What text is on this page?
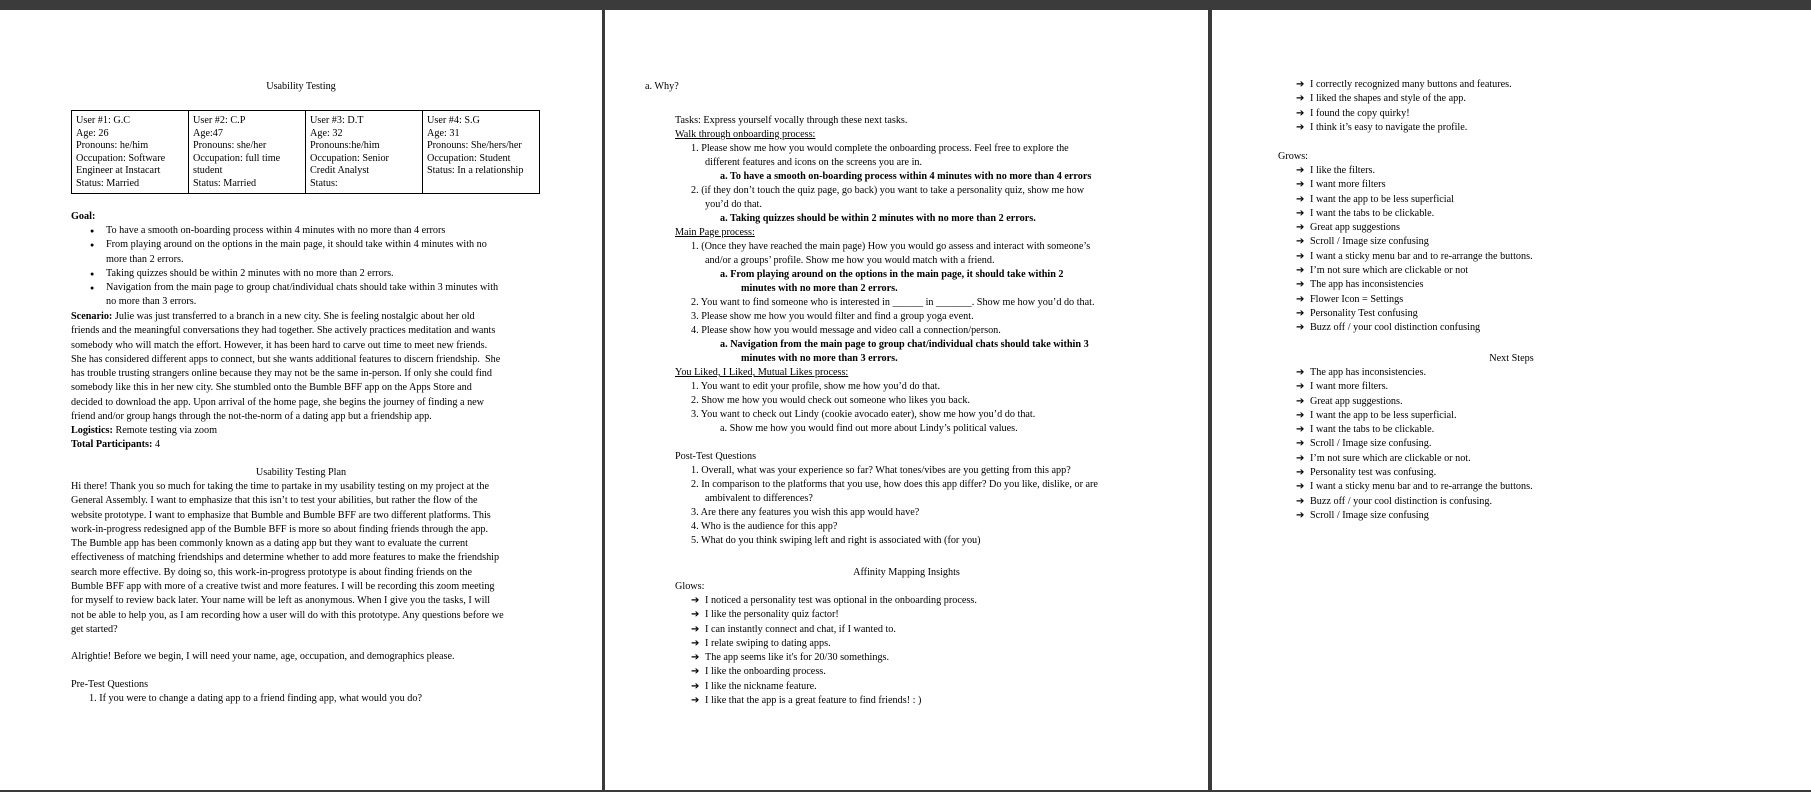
Usability Testing
User #1: G.C
Age: 26
Pronouns: he/him
Occupation: Software
Engineer at Instacart
Status: Married

User #2: C.P
Age:47
Pronouns: she/her
Occupation: full time
student
Status: Married

User #3: D.T
Age: 32
Pronouns:he/him
Occupation: Senior
Credit Analyst
Status:

User #4: S.G
Age: 31
Pronouns: She/hers/her
Occupation: Student
Status: In a relationship
Goal:
● To have a smooth on-boarding process within 4 minutes with no more than 4 errors
● From playing around on the options in the main page, it should take within 4 minutes with no
more than 2 errors.
● Taking quizzes should be within 2 minutes with no more than 2 errors.
● Navigation from the main page to group chat/individual chats should take within 3 minutes with
no more than 3 errors.
Scenario: Julie was just transferred to a branch in a new city. She is feeling nostalgic about her old
friends and the meaningful conversations they had together. She actively practices meditation and wants
somebody who will match the effort. However, it has been hard to carve out time to meet new friends.
She has considered different apps to connect, but she wants additional features to discern friendship.  She
has trouble trusting strangers online because they may not be the same in-person. If only she could find
somebody like this in her new city. She stumbled onto the Bumble BFF app on the Apps Store and
decided to download the app. Upon arrival of the home page, she begins the journey of finding a new
friend and/or group hangs through the not-the-norm of a dating app but a friendship app.
Logistics: Remote testing via zoom
Total Participants: 4
Usability Testing Plan
Hi there! Thank you so much for taking the time to partake in my usability testing on my project at the
General Assembly. I want to emphasize that this isn’t to test your abilities, but rather the flow of the
website prototype. I want to emphasize that Bumble and Bumble BFF are two different platforms. This
work-in-progress redesigned app of the Bumble BFF is more so about finding friends through the app.
The Bumble app has been commonly known as a dating app but they want to evaluate the current
effectiveness of matching friendships and determine whether to add more features to make the friendship
search more effective. By doing so, this work-in-progress prototype is about finding friends on the
Bumble BFF app with more of a creative twist and more features. I will be recording this zoom meeting
for myself to review back later. Your name will be left as anonymous. When I give you the tasks, I will
not be able to help you, as I am recording how a user will do with this prototype. Any questions before we
get started?
Alrightie! Before we begin, I will need your name, age, occupation, and demographics please.
Pre-Test Questions
1. If you were to change a dating app to a friend finding app, what would you do?
a. Why?
Tasks: Express yourself vocally through these next tasks.
Walk through onboarding process:
1. Please show me how you would complete the onboarding process. Feel free to explore the
different features and icons on the screens you are in.
a. To have a smooth on-boarding process within 4 minutes with no more than 4 errors
2. (if they don’t touch the quiz page, go back) you want to take a personality quiz, show me how
you’d do that.
a. Taking quizzes should be within 2 minutes with no more than 2 errors.
Main Page process:
1. (Once they have reached the main page) How you would go assess and interact with someone’s
and/or a groups’ profile. Show me how you would match with a friend.
a. From playing around on the options in the main page, it should take within 2
minutes with no more than 2 errors.
2. You want to find someone who is interested in ______ in _______. Show me how you’d do that.
3. Please show me how you would filter and find a group yoga event.
4. Please show how you would message and video call a connection/person.
a. Navigation from the main page to group chat/individual chats should take within 3
minutes with no more than 3 errors.
You Liked, I Liked, Mutual Likes process:
1. You want to edit your profile, show me how you’d do that.
2. Show me how you would check out someone who likes you back.
3. You want to check out Lindy (cookie avocado eater), show me how you’d do that.
a. Show me how you would find out more about Lindy’s political values.
Post-Test Questions
1. Overall, what was your experience so far? What tones/vibes are you getting from this app?
2. In comparison to the platforms that you use, how does this app differ? Do you like, dislike, or are
ambivalent to differences?
3. Are there any features you wish this app would have?
4. Who is the audience for this app?
5. What do you think swiping left and right is associated with (for you)
Affinity Mapping Insights
Glows:
➔ I noticed a personality test was optional in the onboarding process.
➔ I like the personality quiz factor!
➔ I can instantly connect and chat, if I wanted to.
➔ I relate swiping to dating apps.
➔ The app seems like it's for 20/30 somethings.
➔ I like the onboarding process.
➔ I like the nickname feature.
➔ I like that the app is a great feature to find friends! : )
➔ I correctly recognized many buttons and features.
➔ I liked the shapes and style of the app.
➔ I found the copy quirky!
➔ I think it’s easy to navigate the profile.
Grows:
➔ I like the filters.
➔ I want more filters
➔ I want the app to be less superficial
➔ I want the tabs to be clickable.
➔ Great app suggestions
➔ Scroll / Image size confusing
➔ I want a sticky menu bar and to re-arrange the buttons.
➔ I’m not sure which are clickable or not
➔ The app has inconsistencies
➔ Flower Icon = Settings
➔ Personality Test confusing
➔ Buzz off / your cool distinction confusing
Next Steps
➔ The app has inconsistencies.
➔ I want more filters.
➔ Great app suggestions.
➔ I want the app to be less superficial.
➔ I want the tabs to be clickable.
➔ Scroll / Image size confusing.
➔ I’m not sure which are clickable or not.
➔ Personality test was confusing.
➔ I want a sticky menu bar and to re-arrange the buttons.
➔ Buzz off / your cool distinction is confusing.
➔ Scroll / Image size confusing
